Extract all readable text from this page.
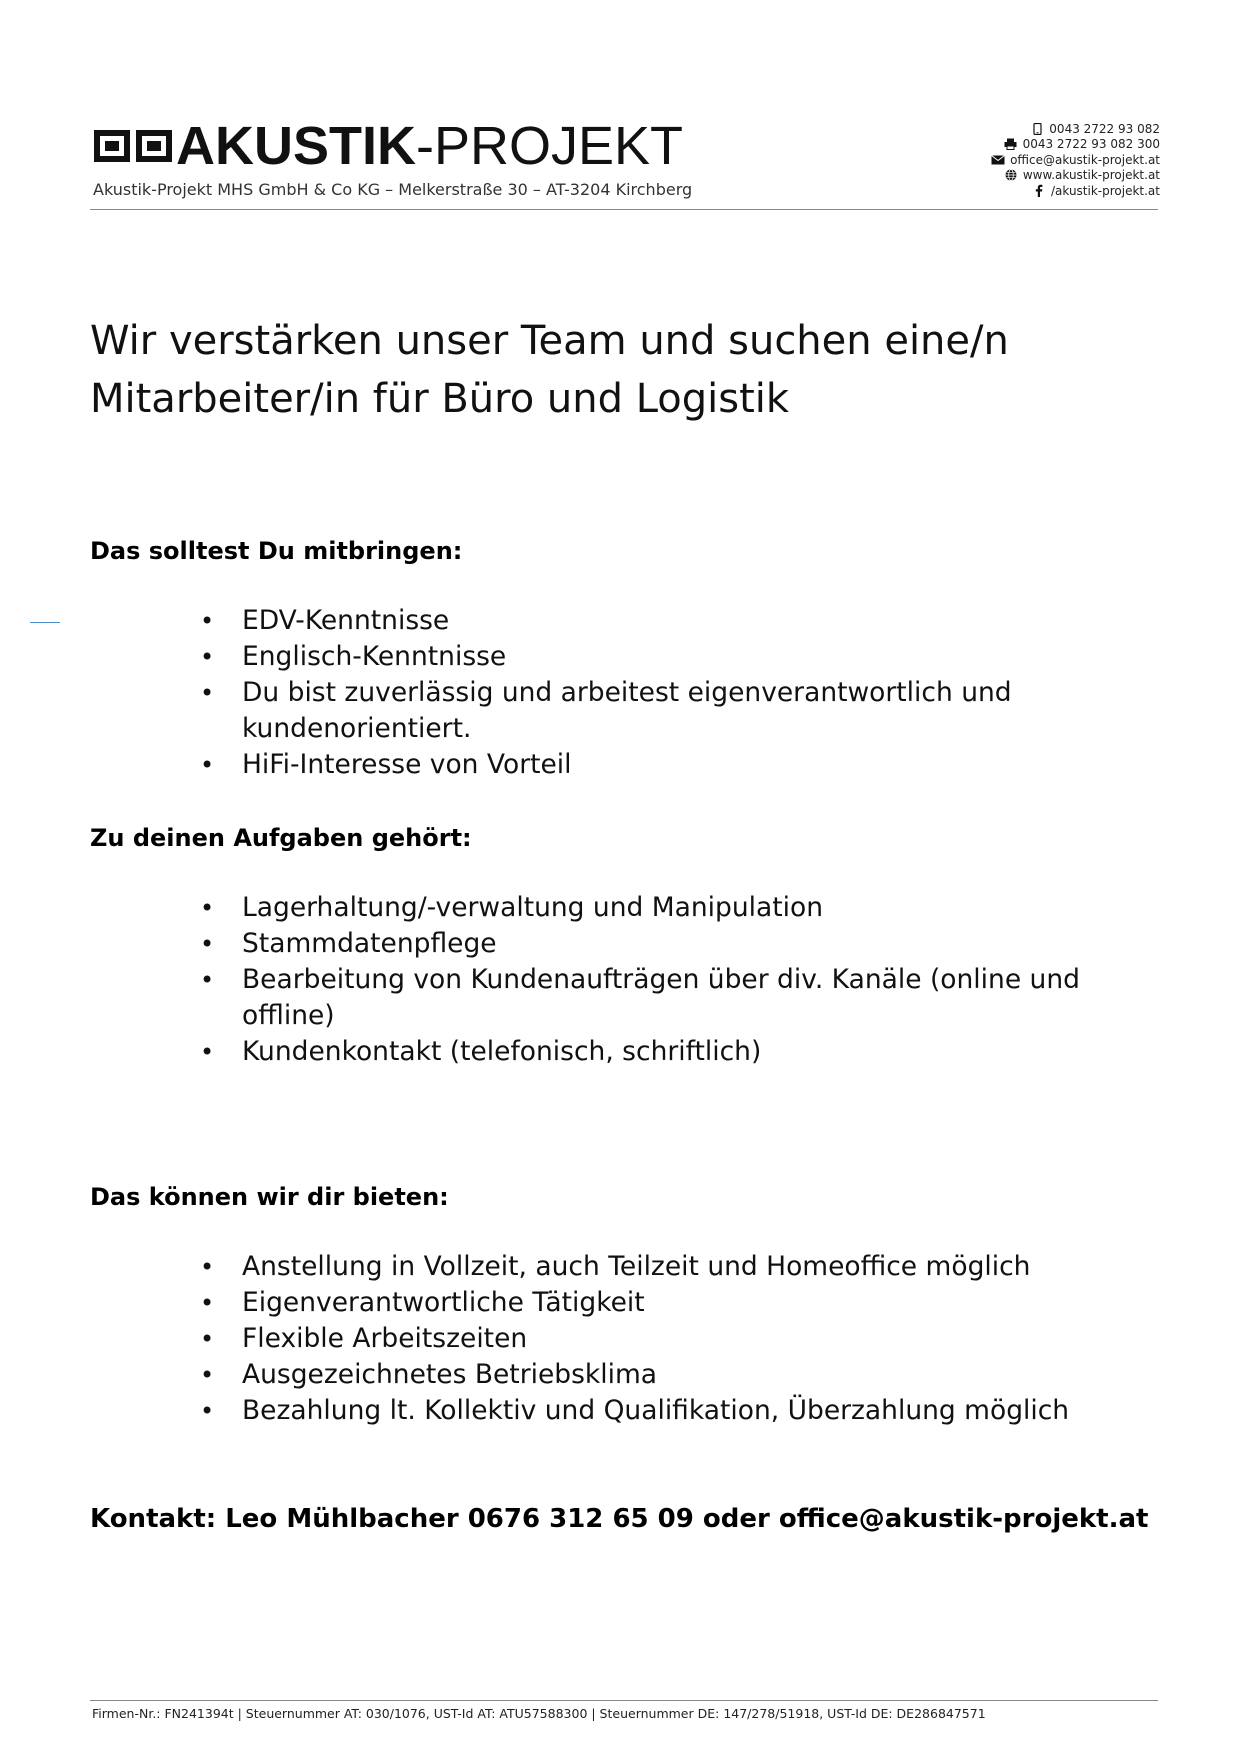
AKUSTIK-PROJEKT
Akustik-Projekt MHS GmbH & Co KG – Melkerstraße 30 – AT-3204 Kirchberg
0043 2722 93 082
0043 2722 93 082 300
office@akustik-projekt.at
www.akustik-projekt.at
/akustik-projekt.at
Wir verstärken unser Team und suchen eine/n
Mitarbeiter/in für Büro und Logistik
Das solltest Du mitbringen:
• EDV-Kenntnisse
• Englisch-Kenntnisse
• Du bist zuverlässig und arbeitest eigenverantwortlich und kundenorientiert.
• HiFi-Interesse von Vorteil
Zu deinen Aufgaben gehört:
• Lagerhaltung/-verwaltung und Manipulation
• Stammdatenpflege
• Bearbeitung von Kundenaufträgen über div. Kanäle (online und offline)
• Kundenkontakt (telefonisch, schriftlich)
Das können wir dir bieten:
• Anstellung in Vollzeit, auch Teilzeit und Homeoffice möglich
• Eigenverantwortliche Tätigkeit
• Flexible Arbeitszeiten
• Ausgezeichnetes Betriebsklima
• Bezahlung lt. Kollektiv und Qualifikation, Überzahlung möglich
Kontakt: Leo Mühlbacher 0676 312 65 09 oder office@akustik-projekt.at
Firmen-Nr.: FN241394t | Steuernummer AT: 030/1076, UST-Id AT: ATU57588300 | Steuernummer DE: 147/278/51918, UST-Id DE: DE286847571
